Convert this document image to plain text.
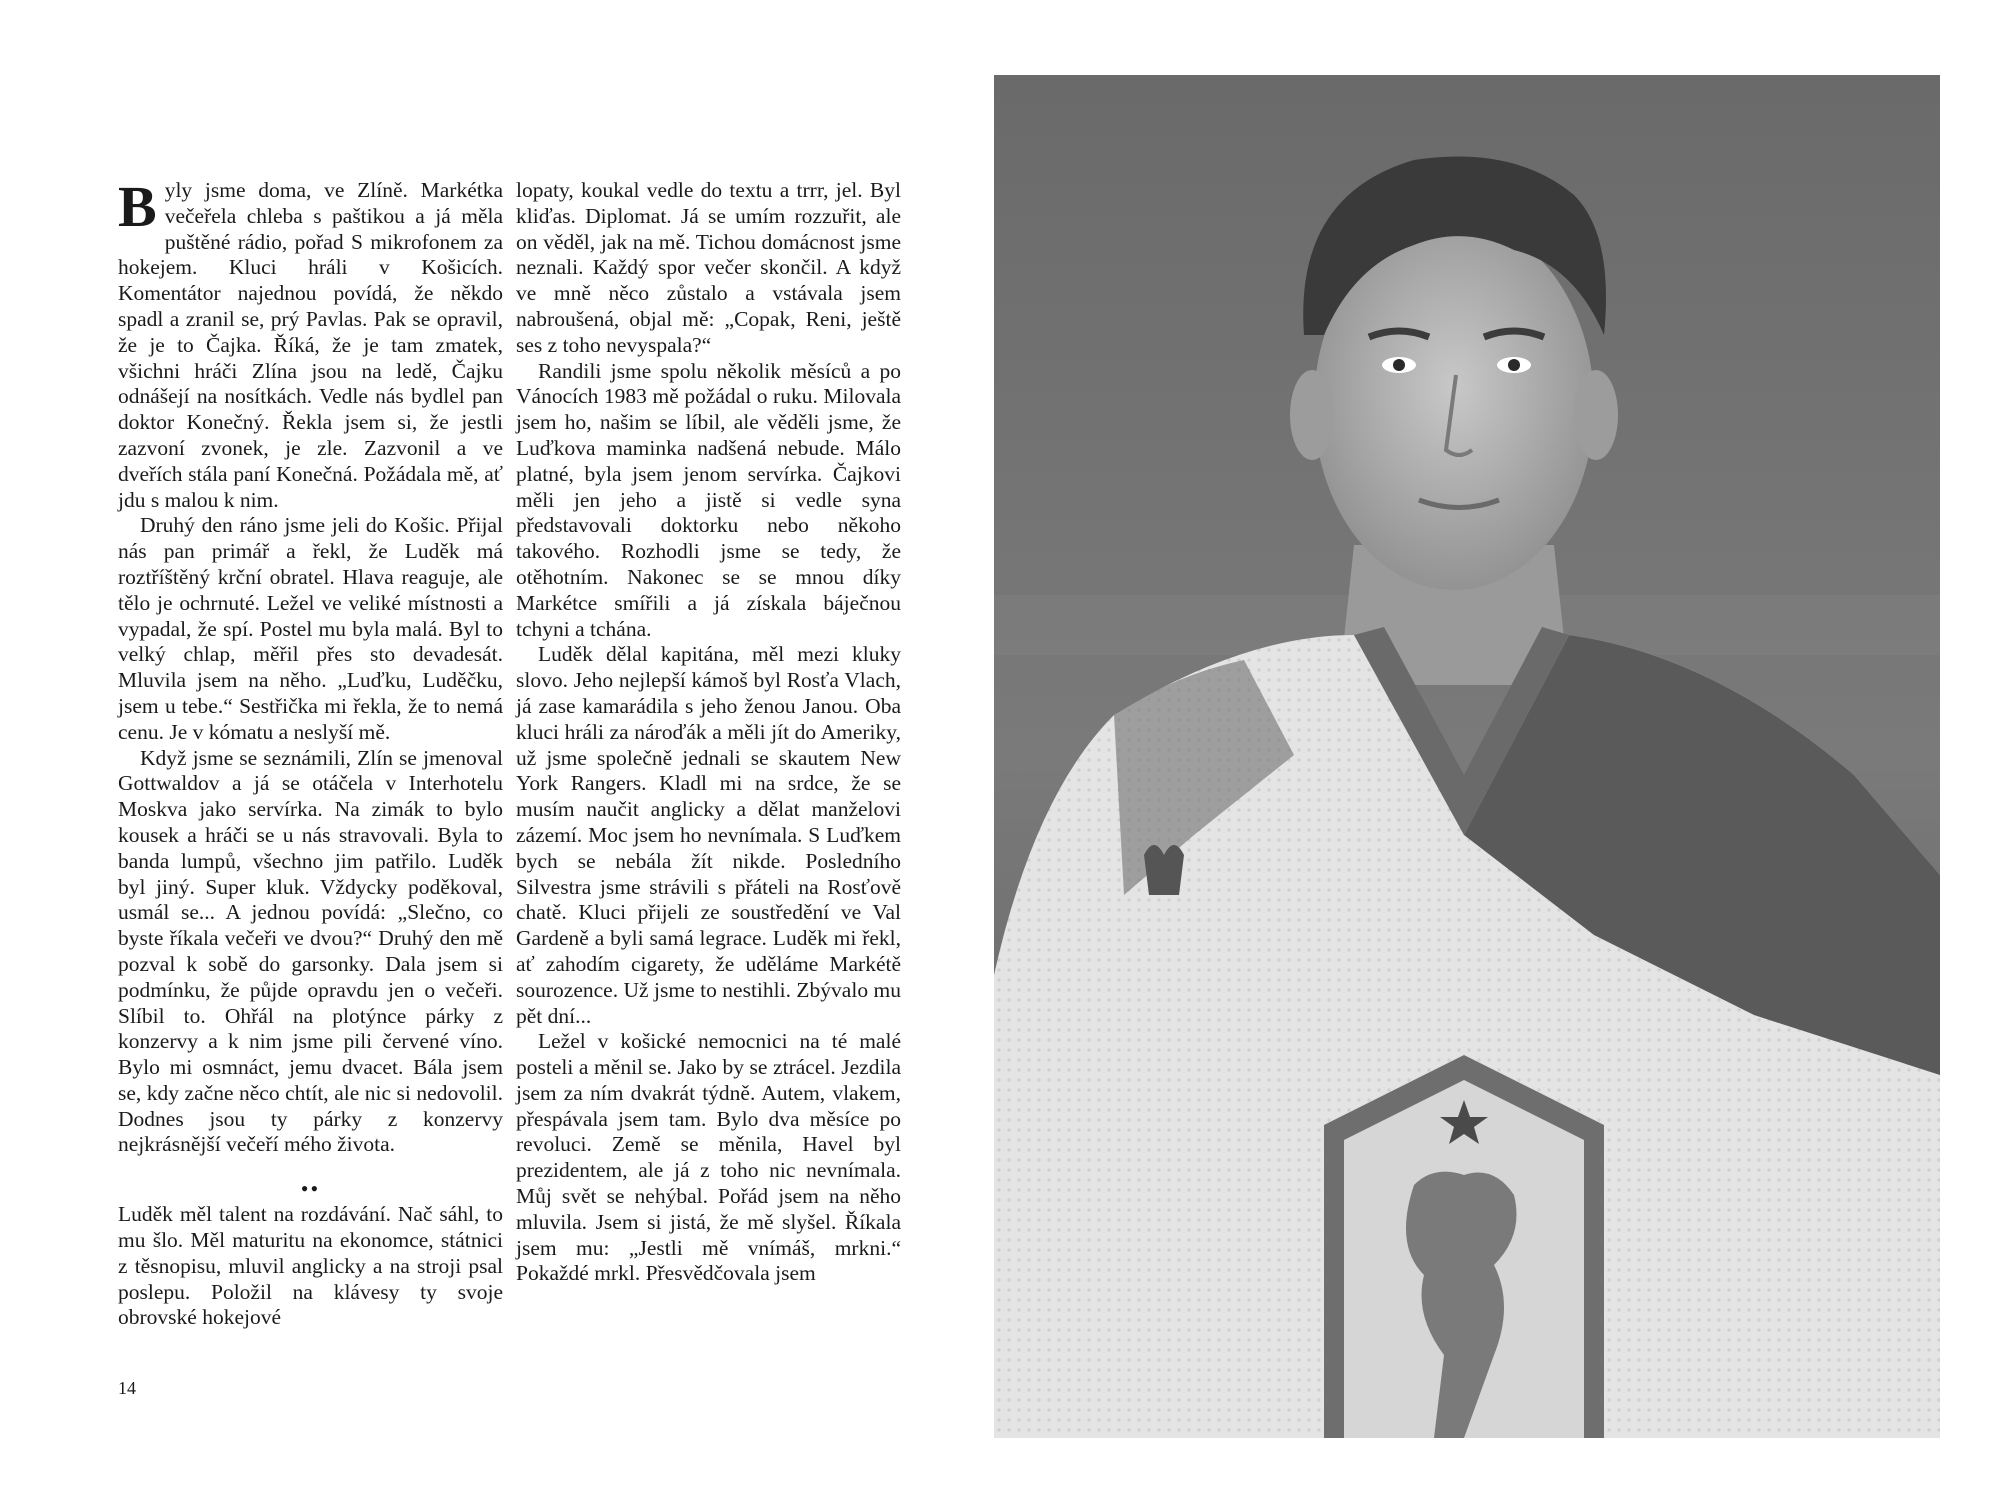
Byly jsme doma, ve Zlíně. Markétka večeřela chleba s paštikou a já měla puštěné rádio, pořad S mikrofonem za hokejem. Kluci hráli v Košicích. Komentátor najednou povídá, že někdo spadl a zranil se, prý Pavlas. Pak se opravil, že je to Čajka. Říká, že je tam zmatek, všichni hráči Zlína jsou na ledě, Čajku odnášejí na nosítkách. Vedle nás bydlel pan doktor Konečný. Řekla jsem si, že jestli zazvoní zvonek, je zle. Zazvonil a ve dveřích stála paní Konečná. Požádala mě, ať jdu s malou k nim.

Druhý den ráno jsme jeli do Košic. Přijal nás pan primář a řekl, že Luděk má roztříštěný krční obratel. Hlava reaguje, ale tělo je ochrnuté. Ležel ve veliké místnosti a vypadal, že spí. Postel mu byla malá. Byl to velký chlap, měřil přes sto devadesát. Mluvila jsem na něho. „Luďku, Luděčku, jsem u tebe.“ Sestřička mi řekla, že to nemá cenu. Je v kómatu a neslyší mě.

Když jsme se seznámili, Zlín se jmenoval Gottwaldov a já se otáčela v Interhotelu Moskva jako servírka. Na zimák to bylo kousek a hráči se u nás stravovali. Byla to banda lumpů, všechno jim patřilo. Luděk byl jiný. Super kluk. Vždycky poděkoval, usmál se... A jednou povídá: „Slečno, co byste říkala večeři ve dvou?“ Druhý den mě pozval k sobě do garsonky. Dala jsem si podmínku, že půjde opravdu jen o večeři. Slíbil to. Ohřál na plotýnce párky z konzervy a k nim jsme pili červené víno. Bylo mi osmnáct, jemu dvacet. Bála jsem se, kdy začne něco chtít, ale nic si nedovolil. Dodnes jsou ty párky z konzervy nejkrásnější večeří mého života.

••

Luděk měl talent na rozdávání. Nač sáhl, to mu šlo. Měl maturitu na ekonomce, státnici z těsnopisu, mluvil anglicky a na stroji psal poslepu. Položil na klávesy ty svoje obrovské hokejové

lopaty, koukal vedle do textu a trrr, jel. Byl kliďas. Diplomat. Já se umím rozzuřit, ale on věděl, jak na mě. Tichou domácnost jsme neznali. Každý spor večer skončil. A když ve mně něco zůstalo a vstávala jsem nabroušená, objal mě: „Copak, Reni, ještě ses z toho nevyspala?“

Randili jsme spolu několik měsíců a po Vánocích 1983 mě požádal o ruku. Milovala jsem ho, našim se líbil, ale věděli jsme, že Luďkova maminka nadšená nebude. Málo platné, byla jsem jenom servírka. Čajkovi měli jen jeho a jistě si vedle syna představovali doktorku nebo někoho takového. Rozhodli jsme se tedy, že otěhotním. Nakonec se se mnou díky Markétce smířili a já získala báječnou tchyni a tchána.

Luděk dělal kapitána, měl mezi kluky slovo. Jeho nejlepší kámoš byl Rosťa Vlach, já zase kamarádila s jeho ženou Janou. Oba kluci hráli za nároďák a měli jít do Ameriky, už jsme společně jednali se skautem New York Rangers. Kladl mi na srdce, že se musím naučit anglicky a dělat manželovi zázemí. Moc jsem ho nevnímala. S Luďkem bych se nebála žít nikde. Posledního Silvestra jsme strávili s přáteli na Rosťově chatě. Kluci přijeli ze soustředění ve Val Gardeně a byli samá legrace. Luděk mi řekl, ať zahodím cigarety, že uděláme Markétě sourozence. Už jsme to nestihli. Zbývalo mu pět dní...

Ležel v košické nemocnici na té malé posteli a měnil se. Jako by se ztrácel. Jezdila jsem za ním dvakrát týdně. Autem, vlakem, přespávala jsem tam. Bylo dva měsíce po revoluci. Země se měnila, Havel byl prezidentem, ale já z toho nic nevnímala. Můj svět se nehýbal. Pořád jsem na něho mluvila. Jsem si jistá, že mě slyšel. Říkala jsem mu: „Jestli mě vnímáš, mrkni.“ Pokaždé mrkl. Přesvědčovala jsem

14
